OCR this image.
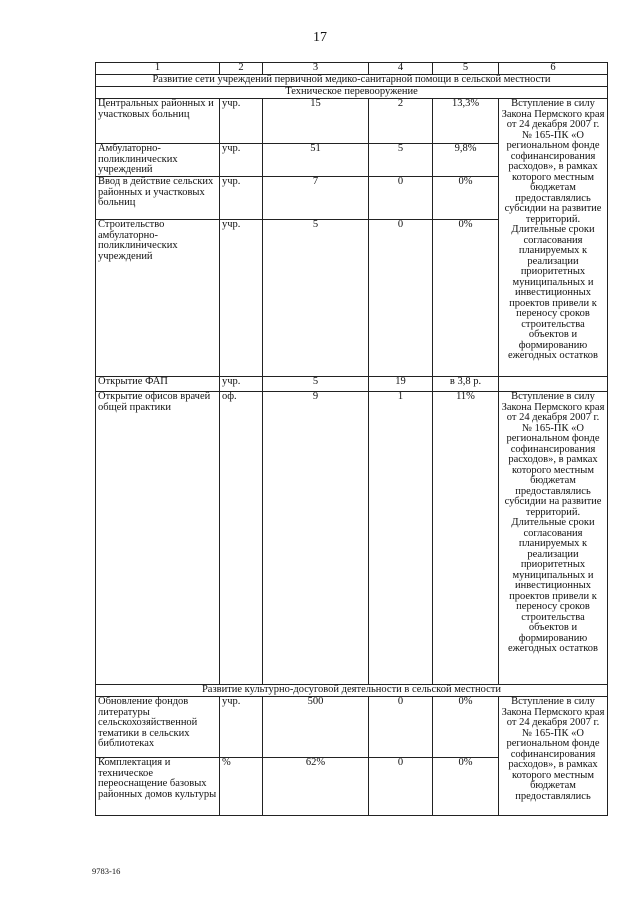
17
1	2	3	4	5	6
Развитие сети учреждений первичной медико-санитарной помощи в сельской местности					
Техническое перевооружение					
Центральных районных и участковых больниц	учр.	15	2	13,3%	Вступление в силу Закона Пермского края от 24 декабря 2007 г. № 165-ПК «О региональном фонде софинансирования расходов», в рамках которого местным бюджетам предоставлялись субсидии на развитие территорий. Длительные сроки согласования планируемых к реализации приоритетных муниципальных и инвестиционных проектов привели к переносу сроков строительства объектов и формированию ежегодных остатков
Амбулаторно-поликлинических учреждений	учр.	51	5	9,8%	
Ввод в действие сельских районных и участковых больниц	учр.	7	0	0%	
Строительство амбулаторно-поликлинических учреждений	учр.	5	0	0%	
Открытие ФАП	учр.	5	19	в 3,8 р.	
Открытие офисов врачей общей практики	оф.	9	1	11%	Вступление в силу Закона Пермского края от 24 декабря 2007 г. № 165-ПК «О региональном фонде софинансирования расходов», в рамках которого местным бюджетам предоставлялись субсидии на развитие территорий. Длительные сроки согласования планируемых к реализации приоритетных муниципальных и инвестиционных проектов привели к переносу сроков строительства объектов и формированию ежегодных остатков
Развитие культурно-досуговой деятельности в сельской местности					
Обновление фондов литературы сельскохозяйственной тематики в сельских библиотеках	учр.	500	0	0%	Вступление в силу Закона Пермского края от 24 декабря 2007 г. № 165-ПК «О региональном фонде софинансирования расходов», в рамках которого местным бюджетам предоставлялись
Комплектация и техническое переоснащение базовых районных домов культуры	%	62%	0	0%	
9783-16
